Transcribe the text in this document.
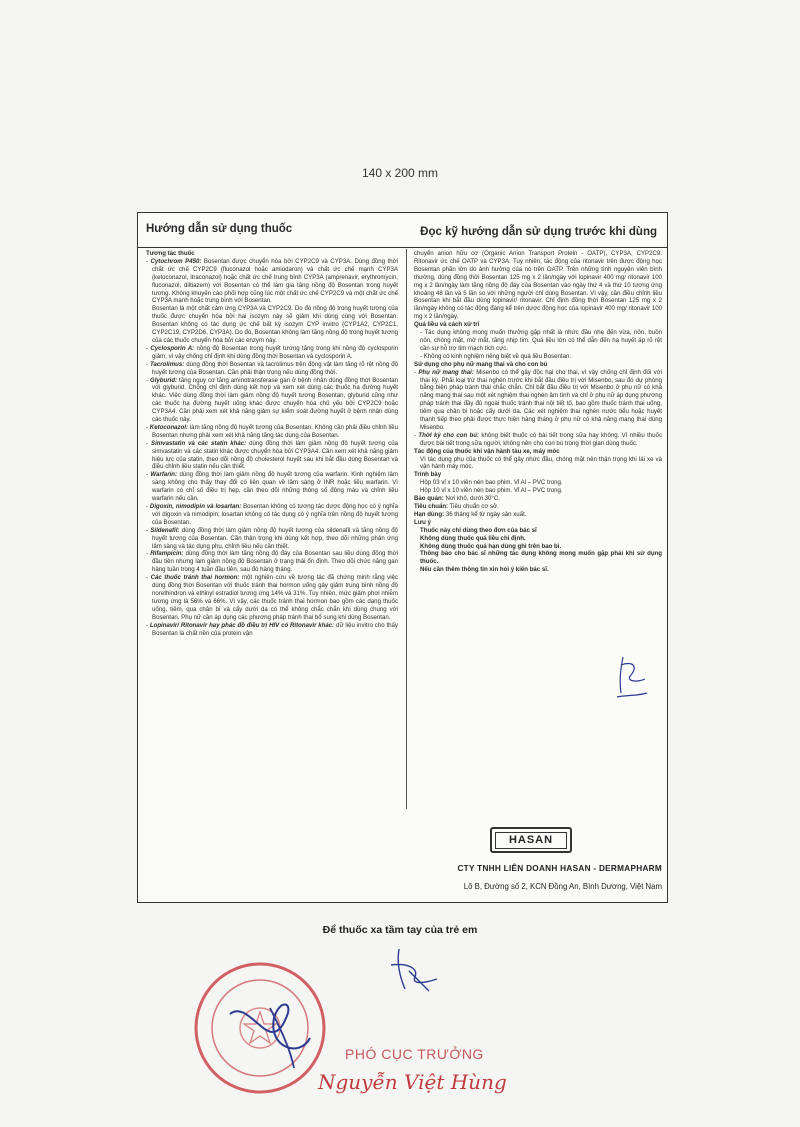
140 x 200 mm
Hướng dẫn sử dụng thuốc	Đọc kỹ hướng dẫn sử dụng trước khi dùng

Tương tác thuốc

- Cytochrom P450: Bosentan được chuyển hóa bởi CYP2C9 và CYP3A. Dùng đồng thời chất ức chế CYP2C9 (fluconazol hoặc amiodaron) và chất ức chế mạnh CYP3A (ketoconazol, itraconazol) hoặc chất ức chế trung bình CYP3A (amprenavir, erythromycin, fluconazol, diltiazem) với Bosentan có thể làm gia tăng nồng độ Bosentan trong huyết tương. Không khuyến cáo phối hợp cũng lúc một chất ức chế CYP2C9 và một chất ức chế CYP3A mạnh hoặc trung bình với Bosentan.

Bosentan là một chất cảm ứng CYP3A và CYP2C9. Do đó nồng độ trong huyết tương của thuốc được chuyển hóa bởi hai isozym này sẽ giảm khi dùng cùng với Bosentan. Bosentan không có tác dụng ức chế bất kỳ isozym CYP invitro (CYP1A2, CYP2C1, CYP2C19, CYP2D6, CYP3A). Do đó, Bosentan không làm tăng nồng độ trong huyết tương của các thuốc chuyển hóa bởi các enzym này.

- Cyclosporin A: nồng độ Bosentan trong huyết tương tăng trong khi nồng độ cyclosporin giảm, vì vậy chống chỉ định khi dùng đồng thời Bosentan và cyclosporin A.

- Tacrolimus: dùng đồng thời Bosentan và tacrolimus trên động vật làm tăng rõ rệt nồng độ huyết tương của Bosentan. Cần phải thận trọng nếu dùng đồng thời.

- Glyburid: tăng nguy cơ tăng aminotransferase gan ở bệnh nhân dùng đồng thời Bosentan với glyburid. Chống chỉ định dùng kết hợp và xem xét dùng các thuốc hạ đường huyết khác. Việc dùng đồng thời làm giảm nồng độ huyết tương Bosentan, glyburid cũng như các thuốc hạ đường huyết uống khác được chuyển hóa chủ yếu bởi CYP2C9 hoặc CYP3A4. Cần phải xem xét khả năng giảm sự kiểm soát đường huyết ở bệnh nhân dùng các thuốc này.

- Ketoconazol: làm tăng nồng độ huyết tương của Bosentan. Không cần phải điều chỉnh liều Bosentan nhưng phải xem xét khả năng tăng tác dụng của Bosentan.

- Simvastatin và các statin khác: dùng đồng thời làm giảm nồng độ huyết tương của simvastatin và các statin khác được chuyển hóa bởi CYP3A4. Cần xem xét khả năng giảm hiệu lực của statin, theo dõi nồng độ cholesterol huyết sau khi bắt đầu dùng Bosentan và điều chỉnh liều statin nếu cần thiết.

- Warfarin: dùng đồng thời làm giảm nồng độ huyết tương của warfarin. Kinh nghiệm lâm sàng không cho thấy thay đổi có liên quan về lâm sàng ở INR hoặc liều warfarin. Vì warfarin có chỉ số điều trị hẹp, cần theo dõi những thông số đông máu và chỉnh liều warfarin nếu cần.

- Digoxin, nimodipin và losartan: Bosentan không có tương tác dược động học có ý nghĩa với digoxin và nimodipin; losartan không có tác dụng có ý nghĩa trên nồng độ huyết tương của Bosentan.

- Sildenafil: dùng đồng thời làm giảm nồng độ huyết tương của sildenafil và tăng nồng độ huyết tương của Bosentan. Cần thận trọng khi dùng kết hợp, theo dõi những phản ứng lâm sàng và tác dụng phụ, chỉnh liều nếu cần thiết.

- Rifampicin: dùng đồng thời làm tăng nồng độ đáy của Bosentan sau liều dùng đồng thời đầu tiên nhưng làm giảm nồng độ Bosentan ở trạng thái ổn định. Theo dõi chức năng gan hàng tuần trong 4 tuần đầu tiên, sau đó hàng tháng.

- Các thuốc tránh thai hormon: một nghiên cứu về tương tác đã chứng minh rằng việc dùng đồng thời Bosentan với thuốc tránh thai hormon uống gây giảm trung bình nồng độ norethindron và ethinyl estradiol tương ứng 14% và 31%. Tuy nhiên, mức giảm phơi nhiễm tương ứng là 56% và 66%. Vì vậy, các thuốc tránh thai hormon bao gồm các dạng thuốc uống, tiêm, qua chân bì và cấy dưới da có thể không chắc chắn khi dùng chung với Bosentan. Phụ nữ cần áp dụng các phương pháp tránh thai bổ sung khi dùng Bosentan.

- Lopinavir/ Ritonavir hay phác đồ điều trị HIV có Ritonavir khác: dữ liệu invitro cho thấy Bosentan là chất nền của protein vận

chuyển anion hữu cơ (Organic Anion Transport Protein - OATP), CYP3A, CYP2C9. Ritonavir ức chế OATP và CYP3A. Tuy nhiên, tác động của ritonavir trên được động học Bosentan phần lớn do ảnh hưởng của nó trên OATP. Trên những tình nguyện viên bình thường, dùng đồng thời Bosentan 125 mg x 2 lần/ngày với lopinavir 400 mg/ ritonavir 100 mg x 2 lần/ngày làm tăng nồng độ đáy của Bosentan vào ngày thứ 4 và thứ 10 tương ứng khoảng 48 lần và 5 lần so với những người chỉ dùng Bosentan. Vì vậy, cần điều chỉnh liều Bosentan khi bắt đầu dùng lopinavir/ ritonavir. Chỉ định đồng thời Bosentan 125 mg x 2 lần/ngày không có tác động đáng kể trên dược động học của lopinavir 400 mg/ ritonavir 100 mg x 2 lần/ngày.

Quá liều và cách xử trí

- Tác dụng không mong muốn thường gặp nhất là nhức đầu nhẹ đến vừa, nôn, buồn nôn, chóng mặt, mờ mắt, tăng nhịp tim. Quá liều lớn có thể dẫn đến hạ huyết áp rõ rệt cần sự hỗ trợ tim mạch tích cực.

- Không có kinh nghiệm riêng biệt về quá liều Bosentan.

Sử dụng cho phụ nữ mang thai và cho con bú

- Phụ nữ mang thai: Misenbo có thể gây độc hại cho thai, vì vậy chống chỉ định đối với thai kỳ. Phải loại trừ thai nghén trước khi bắt đầu điều trị với Misenbo, sau đó dự phòng bằng biện pháp tránh thai chắc chắn. Chỉ bắt đầu điều trị với Misenbo ở phụ nữ có khả năng mang thai sau một xét nghiệm thai nghén âm tính và chỉ ở phụ nữ áp dụng phương pháp tránh thai đầy đủ ngoài thuốc tránh thai nội tiết tố, bao gồm thuốc tránh thai uống, tiêm qua chân bì hoặc cấy dưới da. Các xét nghiệm thai nghén nước tiểu hoặc huyết thanh tiếp theo phải được thực hiện hàng tháng ở phụ nữ có khả năng mang thai dùng Misenbo.

- Thời kỳ cho con bú: không biết thuốc có bài tiết trong sữa hay không. Vì nhiều thuốc được bài tiết trong sữa người, không nên cho con bú trong thời gian dùng thuốc.

Tác động của thuốc khi vận hành tàu xe, máy móc

Vì tác dụng phụ của thuốc có thể gây nhức đầu, chóng mặt nên thận trọng khi lái xe và vận hành máy móc.

Trình bày

Hộp 03 vỉ x 10 viên nén bao phim. Vỉ Al – PVC trong.

Hộp 10 vỉ x 10 viên nén bao phim. Vỉ Al – PVC trong.

Bảo quản: Nơi khô, dưới 30°C.

Tiêu chuẩn: Tiêu chuẩn cơ sở.

Hạn dùng: 36 tháng kể từ ngày sản xuất.

Lưu ý

Thuốc này chỉ dùng theo đơn của bác sĩ

Không dùng thuốc quá liều chỉ định.

Không dùng thuốc quá hạn dùng ghi trên bao bì.

Thông báo cho bác sĩ những tác dụng không mong muốn gặp phải khi sử dụng thuốc.

Nếu cần thêm thông tin xin hỏi ý kiến bác sĩ.

HASAN
CTY TNHH LIÊN DOANH HASAN - DERMAPHARM
Lô B, Đường số 2, KCN Đồng An, Bình Dương, Việt Nam
Để thuốc xa tầm tay của trẻ em
PHÓ CỤC TRƯỞNG
Nguyễn Việt Hùng
